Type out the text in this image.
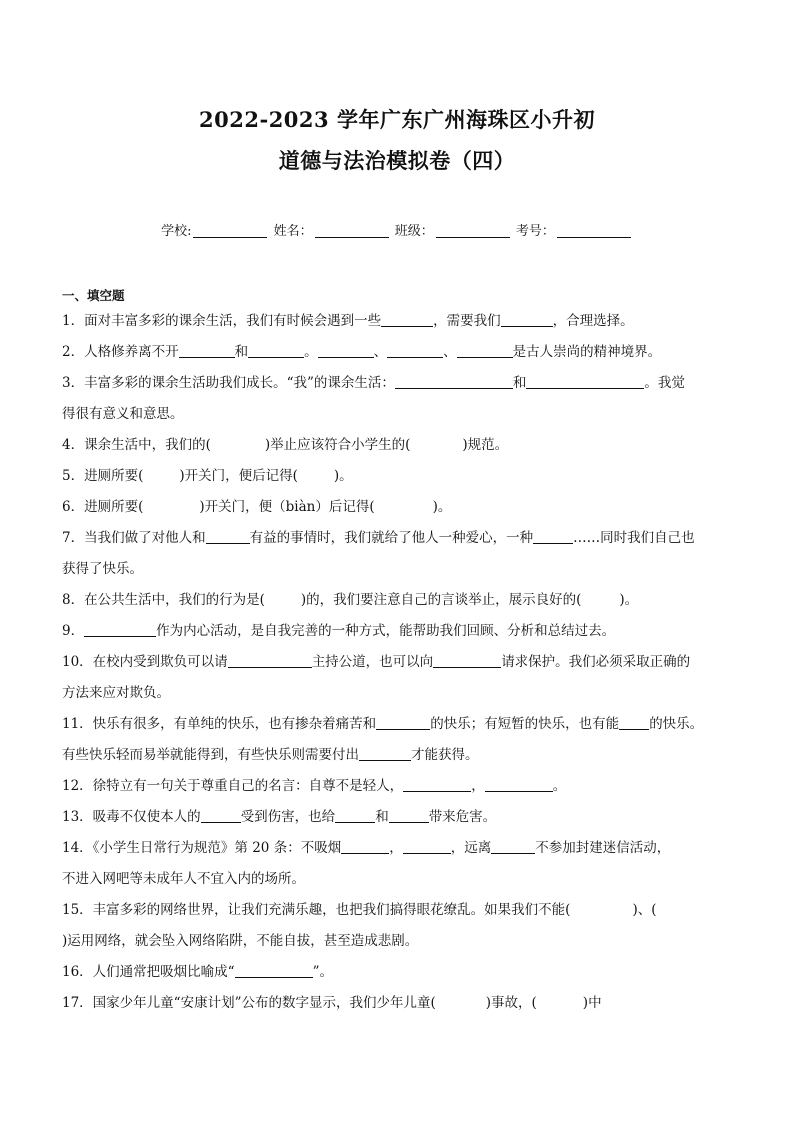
2022-2023 学年广东广州海珠区小升初
道德与法治模拟卷（四）
学校:	姓名：	班级：	考号：
一、填空题
1．面对丰富多彩的课余生活，我们有时候会遇到一些	，需要我们	，合理选择。
2．人格修养离不开	和	。	、	、	是古人崇尚的精神境界。
3．丰富多彩的课余生活助我们成长。“我”的课余生活：	和	。我觉
得很有意义和意思。
4．课余生活中，我们的(	)举止应该符合小学生的(	)规范。
5．进厕所要(	)开关门，便后记得(	)。
6．进厕所要(	)开关门，便（biàn）后记得(	)。
7．当我们做了对他人和	有益的事情时，我们就给了他人一种爱心，一种	……同时我们自己也
获得了快乐。
8．在公共生活中，我们的行为是(	)的，我们要注意自己的言谈举止，展示良好的(	)。
9．	作为内心活动，是自我完善的一种方式，能帮助我们回顾、分析和总结过去。
10．在校内受到欺负可以请	主持公道，也可以向	请求保护。我们必须采取正确的
方法来应对欺负。
11．快乐有很多，有单纯的快乐，也有掺杂着痛苦和	的快乐；有短暂的快乐，也有能 的快乐。
有些快乐轻而易举就能得到，有些快乐则需要付出	才能获得。
12．徐特立有一句关于尊重自己的名言：自尊不是轻人，	，	。
13．吸毒不仅使本人的	受到伤害，也给	和	带来危害。
14．《小学生日常行为规范》第 20 条：不吸烟	，	，远离	不参加封建迷信活动，
不进入网吧等未成年人不宜入内的场所。
15．丰富多彩的网络世界，让我们充满乐趣，也把我们搞得眼花缭乱。如果我们不能(	)、(
)运用网络，就会坠入网络陷阱，不能自拔，甚至造成悲剧。
16．人们通常把吸烟比喻成“	”。
17．国家少年儿童“安康计划”公布的数字显示，我们少年儿童(	)事故，(	)中
